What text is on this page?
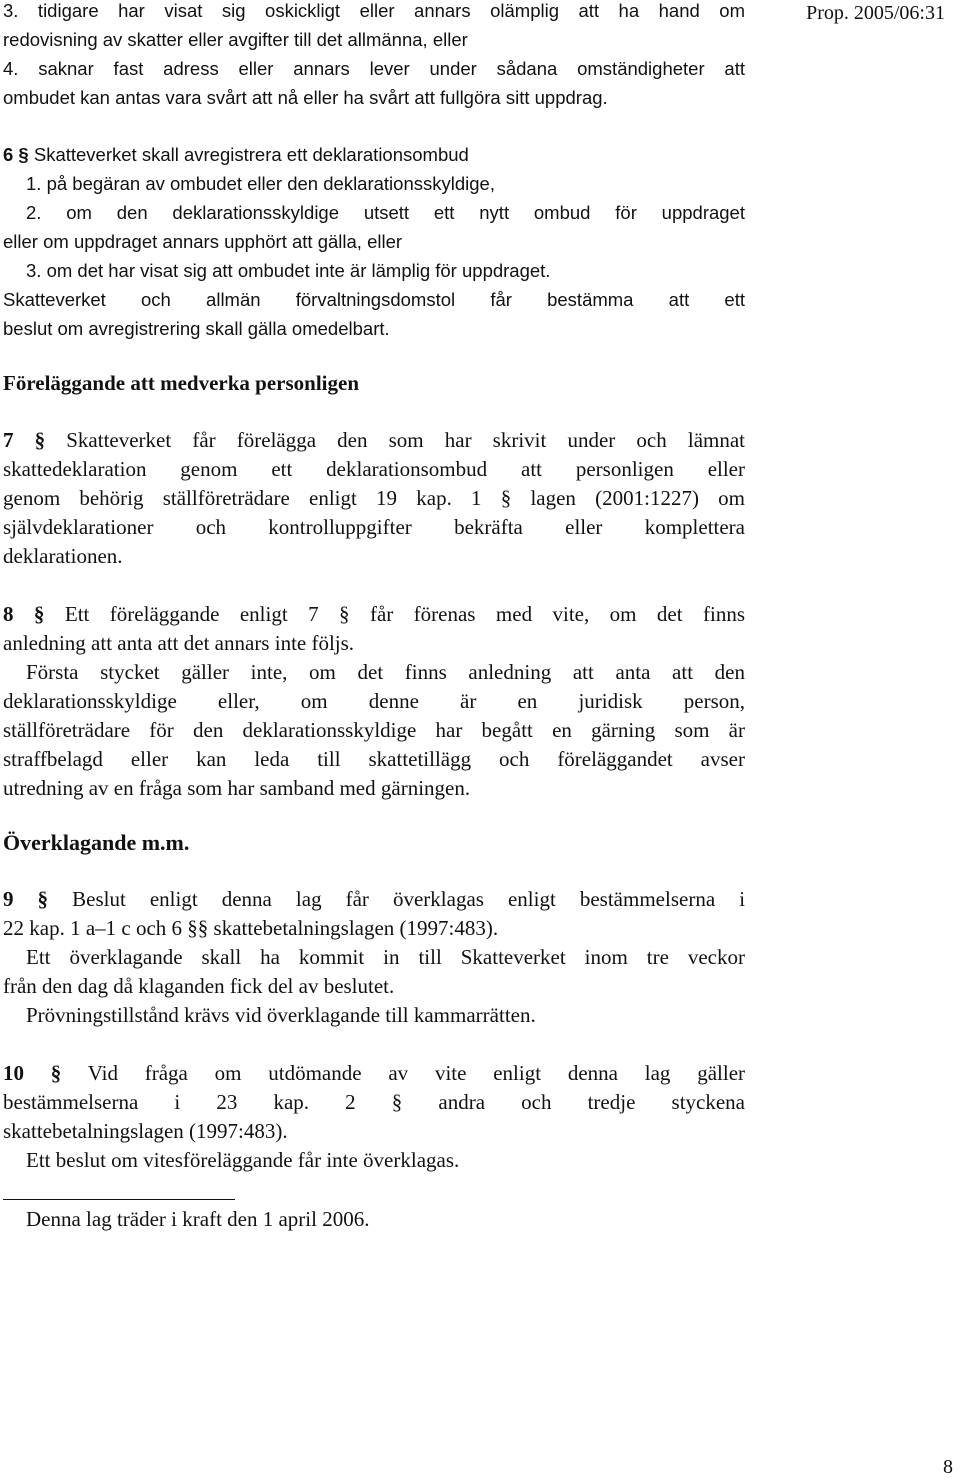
Prop. 2005/06:31
3. tidigare har visat sig oskickligt eller annars olämplig att ha hand om
redovisning av skatter eller avgifter till det allmänna, eller
4. saknar fast adress eller annars lever under sådana omständigheter att
ombudet kan antas vara svårt att nå eller ha svårt att fullgöra sitt uppdrag.
6 § Skatteverket skall avregistrera ett deklarationsombud
1. på begäran av ombudet eller den deklarationsskyldige,
2. om den deklarationsskyldige utsett ett nytt ombud för uppdraget
eller om uppdraget annars upphört att gälla, eller
3. om det har visat sig att ombudet inte är lämplig för uppdraget.
Skatteverket och allmän förvaltningsdomstol får bestämma att ett
beslut om avregistrering skall gälla omedelbart.
Föreläggande att medverka personligen
7 § Skatteverket får förelägga den som har skrivit under och lämnat
skattedeklaration genom ett deklarationsombud att personligen eller
genom behörig ställföreträdare enligt 19 kap. 1 § lagen (2001:1227) om
självdeklarationer och kontrolluppgifter bekräfta eller komplettera
deklarationen.
8 § Ett föreläggande enligt 7 § får förenas med vite, om det finns
anledning att anta att det annars inte följs.
Första stycket gäller inte, om det finns anledning att anta att den
deklarationsskyldige eller, om denne är en juridisk person,
ställföreträdare för den deklarationsskyldige har begått en gärning som är
straffbelagd eller kan leda till skattetillägg och föreläggandet avser
utredning av en fråga som har samband med gärningen.
Överklagande m.m.
9 § Beslut enligt denna lag får överklagas enligt bestämmelserna i
22 kap. 1 a–1 c och 6 §§ skattebetalningslagen (1997:483).
Ett överklagande skall ha kommit in till Skatteverket inom tre veckor
från den dag då klaganden fick del av beslutet.
Prövningstillstånd krävs vid överklagande till kammarrätten.
10 § Vid fråga om utdömande av vite enligt denna lag gäller
bestämmelserna i 23 kap. 2 § andra och tredje styckena
skattebetalningslagen (1997:483).
Ett beslut om vitesföreläggande får inte överklagas.
Denna lag träder i kraft den 1 april 2006.
8
